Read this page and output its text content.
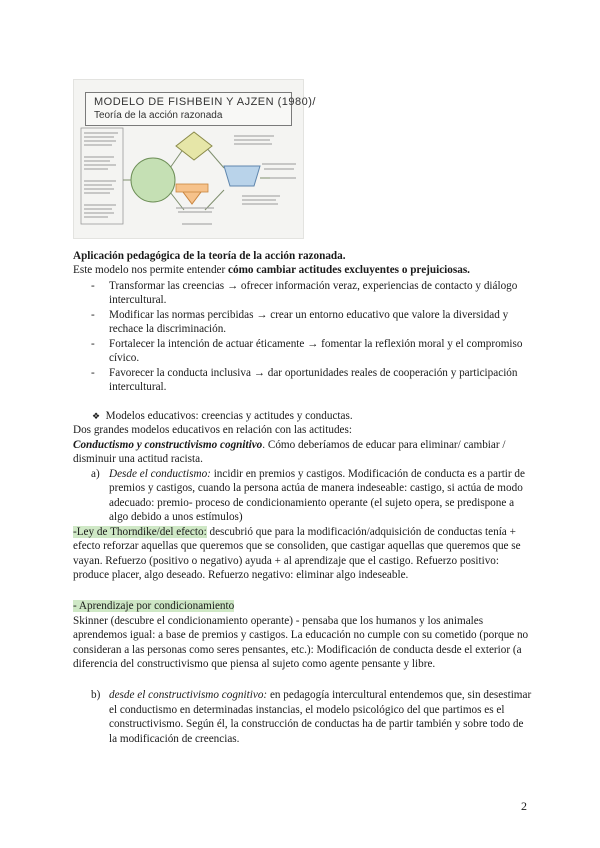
MODELO DE FISHBEIN Y AJZEN (1980)/
Teoría de la acción razonada
Aplicación pedagógica de la teoría de la acción razonada.
Este modelo nos permite entender cómo cambiar actitudes excluyentes o prejuiciosas.
- Transformar las creencias → ofrecer información veraz, experiencias de contacto y diálogo
intercultural.
- Modificar las normas percibidas → crear un entorno educativo que valore la diversidad y
rechace la discriminación.
- Fortalecer la intención de actuar éticamente → fomentar la reflexión moral y el compromiso
cívico.
- Favorecer la conducta inclusiva → dar oportunidades reales de cooperación y participación
intercultural.
❖ Modelos educativos: creencias y actitudes y conductas.
Dos grandes modelos educativos en relación con las actitudes:
Conductismo y constructivismo cognitivo. Cómo deberíamos de educar para eliminar/ cambiar /
disminuir una actitud racista.
a) Desde el conductismo: incidir en premios y castigos. Modificación de conducta es a partir de
premios y castigos, cuando la persona actúa de manera indeseable: castigo, si actúa de modo
adecuado: premio- proceso de condicionamiento operante (el sujeto opera, se predispone a
algo debido a unos estímulos)
-Ley de Thorndike/del efecto: descubrió que para la modificación/adquisición de conductas tenía +
efecto reforzar aquellas que queremos que se consoliden, que castigar aquellas que queremos que se
vayan. Refuerzo (positivo o negativo) ayuda + al aprendizaje que el castigo. Refuerzo positivo:
produce placer, algo deseado. Refuerzo negativo: eliminar algo indeseable.
- Aprendizaje por condicionamiento
Skinner (descubre el condicionamiento operante) - pensaba que los humanos y los animales
aprendemos igual: a base de premios y castigos. La educación no cumple con su cometido (porque no
consideran a las personas como seres pensantes, etc.): Modificación de conducta desde el exterior (a
diferencia del constructivismo que piensa al sujeto como agente pensante y libre.
b) desde el constructivismo cognitivo: en pedagogía intercultural entendemos que, sin desestimar
el conductismo en determinadas instancias, el modelo psicológico del que partimos es el
constructivismo. Según él, la construcción de conductas ha de partir también y sobre todo de
la modificación de creencias.
2
